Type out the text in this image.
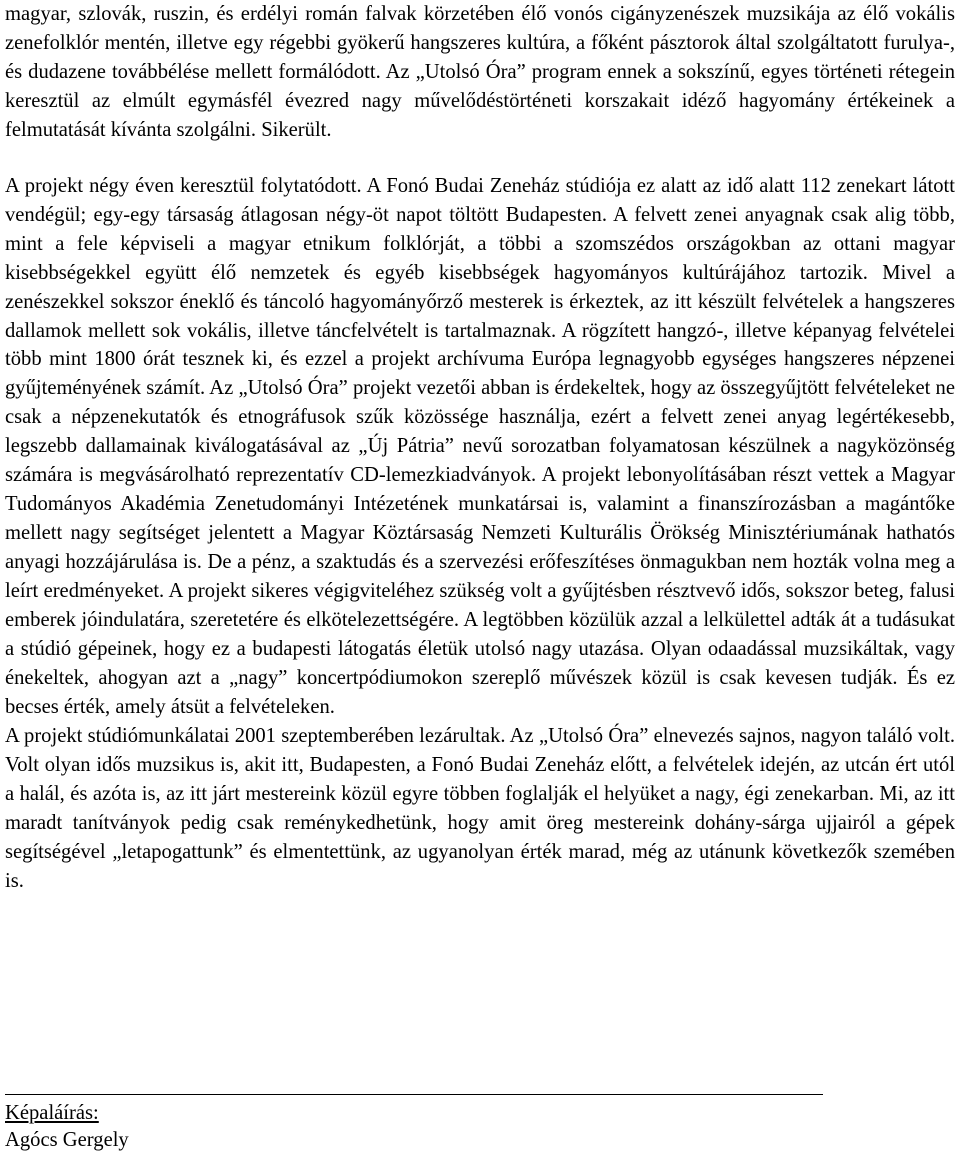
magyar, szlovák, ruszin, és erdélyi román falvak körzetében élő vonós cigányzenészek muzsikája az élő vokális zenefolklór mentén, illetve egy régebbi gyökerű hangszeres kultúra, a főként pásztorok által szolgáltatott furulya-, és dudazene továbbélése mellett formálódott. Az „Utolsó Óra” program ennek a sokszínű, egyes történeti rétegein keresztül az elmúlt egymásfél évezred nagy művelődéstörténeti korszakait idéző hagyomány értékeinek a felmutatását kívánta szolgálni. Sikerült.

A projekt négy éven keresztül folytatódott. A Fonó Budai Zeneház stúdiója ez alatt az idő alatt 112 zenekart látott vendégül; egy-egy társaság átlagosan négy-öt napot töltött Budapesten. A felvett zenei anyagnak csak alig több, mint a fele képviseli a magyar etnikum folklórját, a többi a szomszédos országokban az ottani magyar kisebbségekkel együtt élő nemzetek és egyéb kisebbségek hagyományos kultúrájához tartozik. Mivel a zenészekkel sokszor éneklő és táncoló hagyományőrző mesterek is érkeztek, az itt készült felvételek a hangszeres dallamok mellett sok vokális, illetve táncfelvételt is tartalmaznak. A rögzített hangzó-, illetve képanyag felvételei több mint 1800 órát tesznek ki, és ezzel a projekt archívuma Európa legnagyobb egységes hangszeres népzenei gyűjteményének számít. Az „Utolsó Óra” projekt vezetői abban is érdekeltek, hogy az összegyűjtött felvételeket ne csak a népzenekutatók és etnográfusok szűk közössége használja, ezért a felvett zenei anyag legértékesebb, legszebb dallamainak kiválogatásával az „Új Pátria” nevű sorozatban folyamatosan készülnek a nagyközönség számára is megvásárolható reprezentatív CD-lemezkiadványok. A projekt lebonyolításában részt vettek a Magyar Tudományos Akadémia Zenetudományi Intézetének munkatársai is, valamint a finanszírozásban a magántőke mellett nagy segítséget jelentett a Magyar Köztársaság Nemzeti Kulturális Örökség Minisztériumának hathatós anyagi hozzájárulása is. De a pénz, a szaktudás és a szervezési erőfeszítéses önmagukban nem hozták volna meg a leírt eredményeket. A projekt sikeres végigviteléhez szükség volt a gyűjtésben résztvevő idős, sokszor beteg, falusi emberek jóindulatára, szeretetére és elkötelezettségére. A legtöbben közülük azzal a lelkülettel adták át a tudásukat a stúdió gépeinek, hogy ez a budapesti látogatás életük utolsó nagy utazása. Olyan odaadással muzsikáltak, vagy énekeltek, ahogyan azt a „nagy” koncertpódiumokon szereplő művészek közül is csak kevesen tudják. És ez becses érték, amely átsüt a felvételeken.

A projekt stúdiómunkálatai 2001 szeptemberében lezárultak. Az „Utolsó Óra” elnevezés sajnos, nagyon találó volt. Volt olyan idős muzsikus is, akit itt, Budapesten, a Fonó Budai Zeneház előtt, a felvételek idején, az utcán ért utól a halál, és azóta is, az itt járt mestereink közül egyre többen foglalják el helyüket a nagy, égi zenekarban. Mi, az itt maradt tanítványok pedig csak reménykedhetünk, hogy amit öreg mestereink dohány-sárga ujjairól a gépek segítségével „letapogattunk” és elmentettünk, az ugyanolyan érték marad, még az utánunk következők szemében is.

Képaláírás:
Agócs Gergely
